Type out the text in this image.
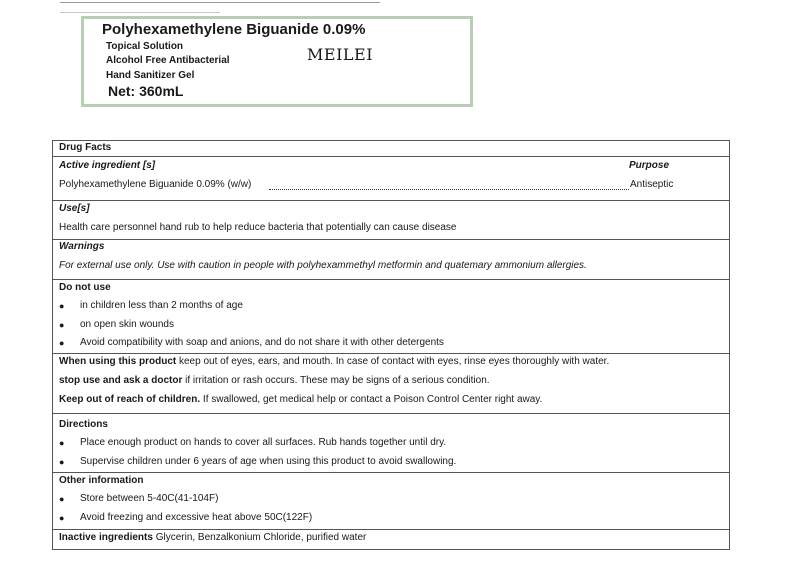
Polyhexamethylene Biguanide 0.09%
Topical Solution
Alcohol Free Antibacterial
Hand Sanitizer Gel
Net: 360mL
MEILEI
Drug Facts
Active ingredient [s]	Purpose
Polyhexamethylene Biguanide 0.09% (w/w)	Antiseptic
Use[s]
Health care personnel hand rub to help reduce bacteria that potentially can cause disease
Warnings
For external use only. Use with caution in people with polyhexammethyl metformin and quatemary ammonium allergies.
Do not use
● in children less than 2 months of age
● on open skin wounds
● Avoid compatibility with soap and anions, and do not share it with other detergents
When using this product keep out of eyes, ears, and mouth. In case of contact with eyes, rinse eyes thoroughly with water.
stop use and ask a doctor if irritation or rash occurs. These may be signs of a serious condition.
Keep out of reach of children. If swallowed, get medical help or contact a Poison Control Center right away.
Directions
● Place enough product on hands to cover all surfaces. Rub hands together until dry.
● Supervise children under 6 years of age when using this product to avoid swallowing.
Other information
● Store between 5-40C(41-104F)
● Avoid freezing and excessive heat above 50C(122F)
Inactive ingredients Glycerin, Benzalkonium Chloride, purified water
